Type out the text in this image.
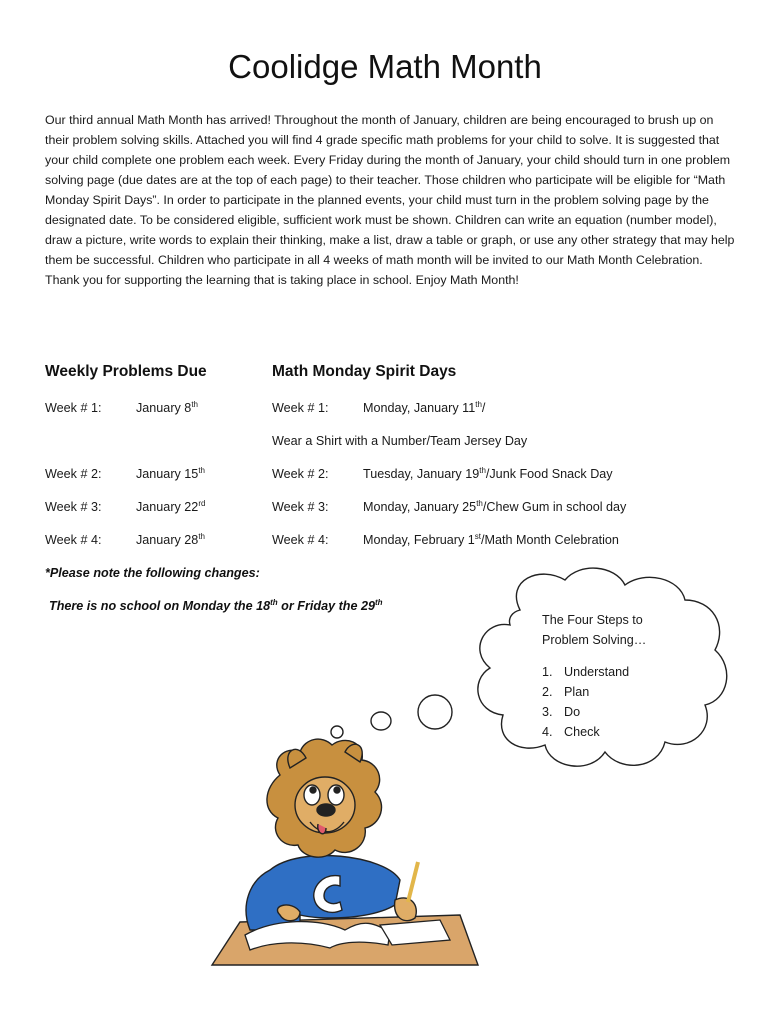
Coolidge Math Month
Our third annual Math Month has arrived! Throughout the month of January, children are being encouraged to brush up on their problem solving skills. Attached you will find 4 grade specific math problems for your child to solve. It is suggested that your child complete one problem each week. Every Friday during the month of January, your child should turn in one problem solving page (due dates are at the top of each page) to their teacher. Those children who participate will be eligible for “Math Monday Spirit Days”. In order to participate in the planned events, your child must turn in the problem solving page by the designated date. To be considered eligible, sufficient work must be shown. Children can write an equation (number model), draw a picture, write words to explain their thinking, make a list, draw a table or graph, or use any other strategy that may help them be successful. Children who participate in all 4 weeks of math month will be invited to our Math Month Celebration. Thank you for supporting the learning that is taking place in school. Enjoy Math Month!
Weekly Problems Due	Math Monday Spirit Days
Week # 1:	January 8th
Week # 2:	January 15th
Week # 3:	January 22rd
Week # 4:	January 28th
Week # 1:	Monday, January 11th/
Wear a Shirt with a Number/Team Jersey Day
Week # 2:	Tuesday, January 19th/Junk Food Snack Day
Week # 3:	Monday, January 25th/Chew Gum in school day
Week # 4:	Monday, February 1st/Math Month Celebration
*Please note the following changes:
There is no school on Monday the 18th or Friday the 29th
The Four Steps to
Problem Solving…
1. Understand
2. Plan
3. Do
4. Check
